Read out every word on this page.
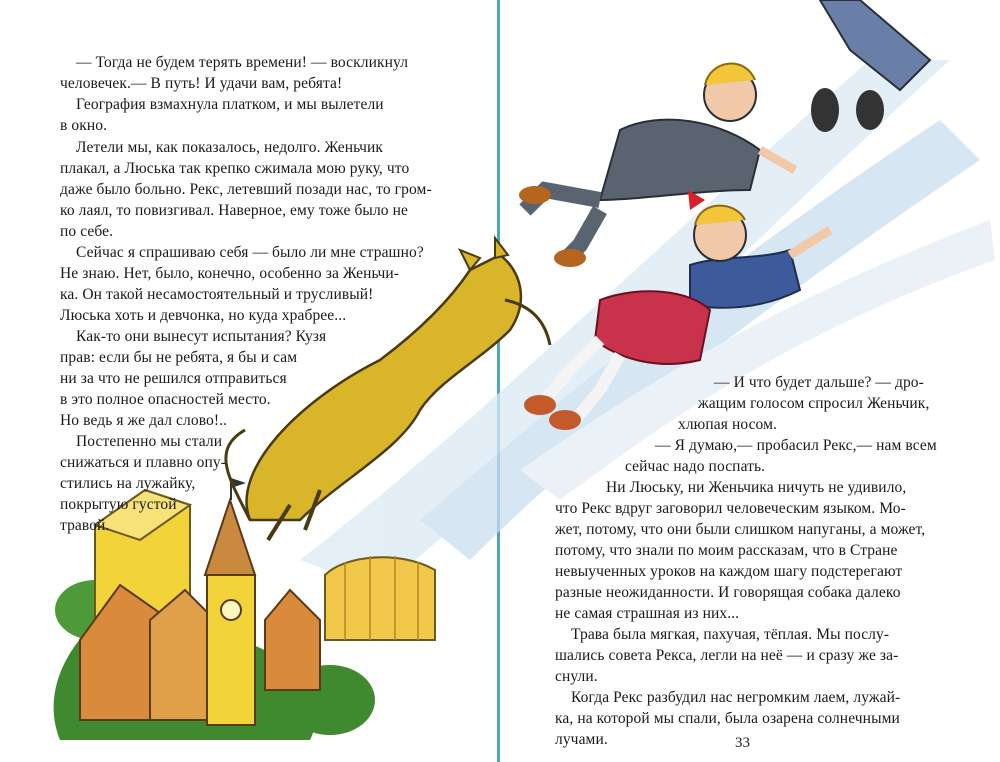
— Тогда не будем терять времени! — воскликнул
человечек.— В путь! И удачи вам, ребята!
География взмахнула платком, и мы вылетели
в окно.
Летели мы, как показалось, недолго. Женьчик
плакал, а Люська так крепко сжимала мою руку, что
даже было больно. Рекс, летевший позади нас, то гром-
ко лаял, то повизгивал. Наверное, ему тоже было не
по себе.
Сейчас я спрашиваю себя — было ли мне страшно?
Не знаю. Нет, было, конечно, особенно за Женьчи-
ка. Он такой несамостоятельный и трусливый!
Люська хоть и девчонка, но куда храбрее...
Как-то они вынесут испытания? Кузя
прав: если бы не ребята, я бы и сам
ни за что не решился отправиться
в это полное опасностей место.
Но ведь я же дал слово!..
Постепенно мы стали
снижаться и плавно опу-
стились на лужайку,
покрытую густой
травой.
— И что будет дальше? — дро-
жащим голосом спросил Женьчик,
хлюпая носом.
— Я думаю,— пробасил Рекс,— нам всем
сейчас надо поспать.
Ни Люську, ни Женьчика ничуть не удивило,
что Рекс вдруг заговорил человеческим языком. Мо-
жет, потому, что они были слишком напуганы, а может,
потому, что знали по моим рассказам, что в Стране
невыученных уроков на каждом шагу подстерегают
разные неожиданности. И говорящая собака далеко
не самая страшная из них...
Трава была мягкая, пахучая, тёплая. Мы послу-
шались совета Рекса, легли на неё — и сразу же за-
снули.
Когда Рекс разбудил нас негромким лаем, лужай-
ка, на которой мы спали, была озарена солнечными
лучами.	33
